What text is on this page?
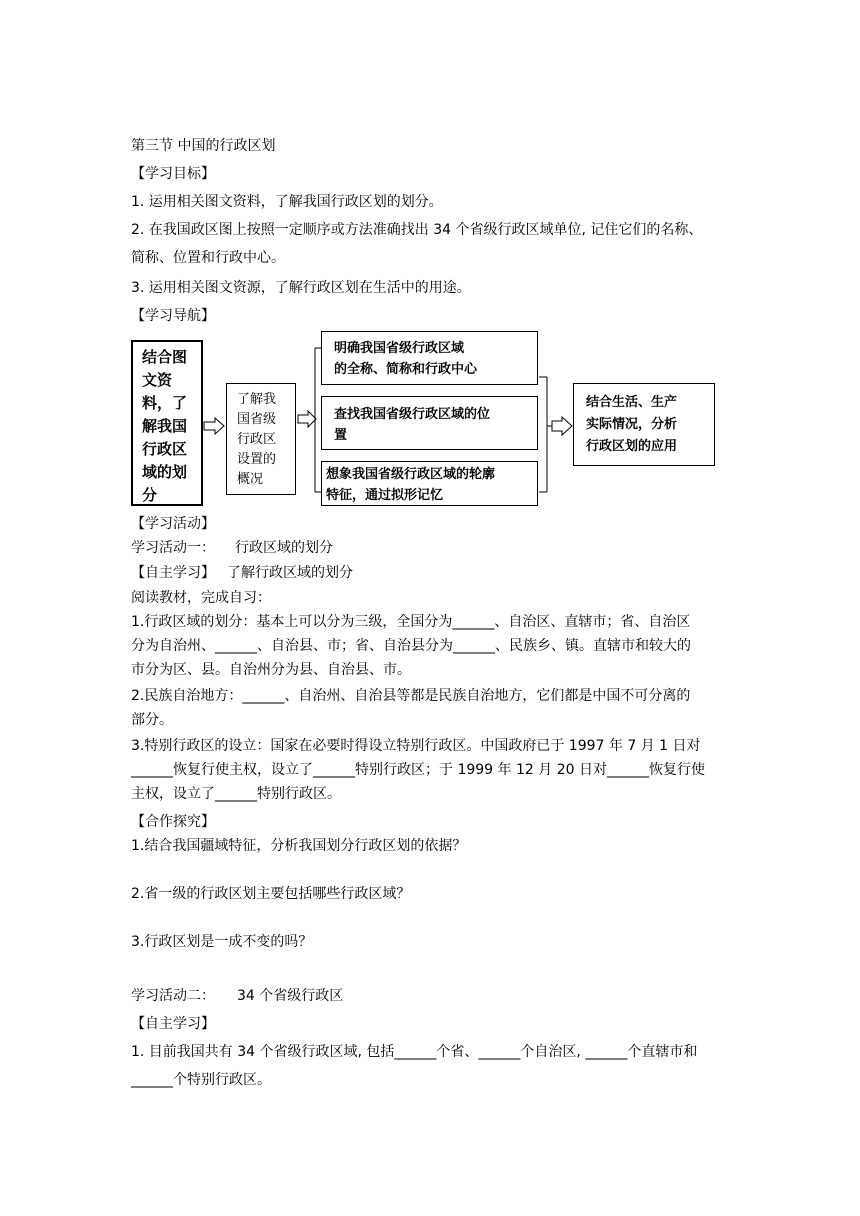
第三节 中国的行政区划
【学习目标】
1. 运用相关图文资料，了解我国行政区划的划分。
2. 在我国政区图上按照一定顺序或方法准确找出 34 个省级行政区域单位, 记住它们的名称、
简称、位置和行政中心。
3. 运用相关图文资源，了解行政区划在生活中的用途。
【学习导航】
结合图
文资
料，了
解我国
行政区
域的划
分
了解我
国省级
行政区
设置的
概况
明确我国省级行政区域
的全称、简称和行政中心
查找我国省级行政区域的位
置
想象我国省级行政区域的轮廓
特征，通过拟形记忆
结合生活、生产
实际情况，分析
行政区划的应用
【学习活动】
学习活动一： 行政区域的划分
【自主学习】 了解行政区域的划分
阅读教材，完成自习：
1.行政区域的划分：基本上可以分为三级，全国分为______、自治区、直辖市；省、自治区
分为自治州、______、自治县、市；省、自治县分为______、民族乡、镇。直辖市和较大的
市分为区、县。自治州分为县、自治县、市。
2.民族自治地方：______、自治州、自治县等都是民族自治地方，它们都是中国不可分离的
部分。
3.特别行政区的设立：国家在必要时得设立特别行政区。中国政府已于 1997 年 7 月 1 日对
______恢复行使主权，设立了______特别行政区；于 1999 年 12 月 20 日对______恢复行使
主权，设立了______特别行政区。
【合作探究】
1.结合我国疆域特征，分析我国划分行政区划的依据？
2.省一级的行政区划主要包括哪些行政区域？
3.行政区划是一成不变的吗？
学习活动二： 34 个省级行政区
【自主学习】
1. 目前我国共有 34 个省级行政区域, 包括______个省、______个自治区, ______个直辖市和
______个特别行政区。
